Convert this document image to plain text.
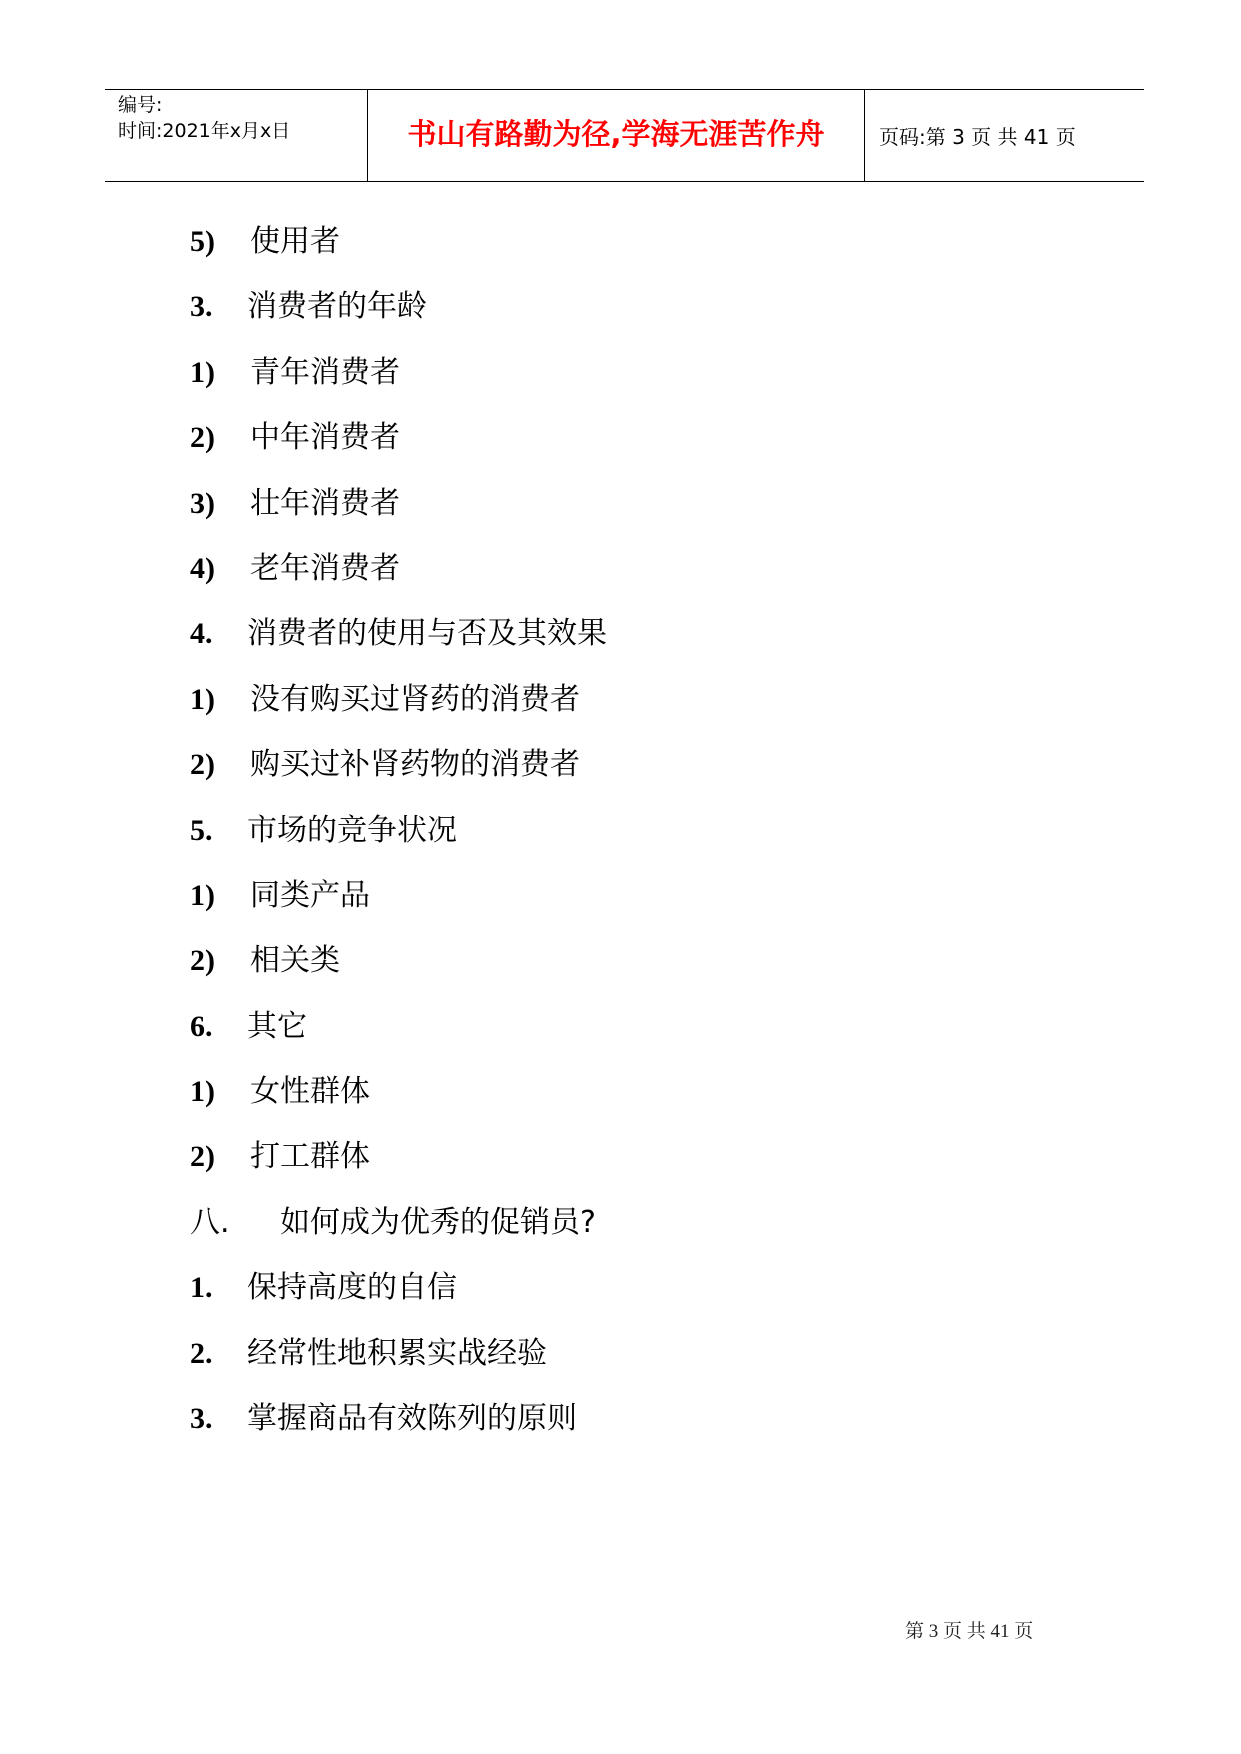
编号:
时间:2021年x月x日	书山有路勤为径,学海无涯苦作舟	页码:第 3 页 共 41 页
5) 使用者
3. 消费者的年龄
1) 青年消费者
2) 中年消费者
3) 壮年消费者
4) 老年消费者
4. 消费者的使用与否及其效果
1) 没有购买过肾药的消费者
2) 购买过补肾药物的消费者
5. 市场的竞争状况
1) 同类产品
2) 相关类
6. 其它
1) 女性群体
2) 打工群体
八. 如何成为优秀的促销员?
1. 保持高度的自信
2. 经常性地积累实战经验
3. 掌握商品有效陈列的原则
第 3 页 共 41 页
